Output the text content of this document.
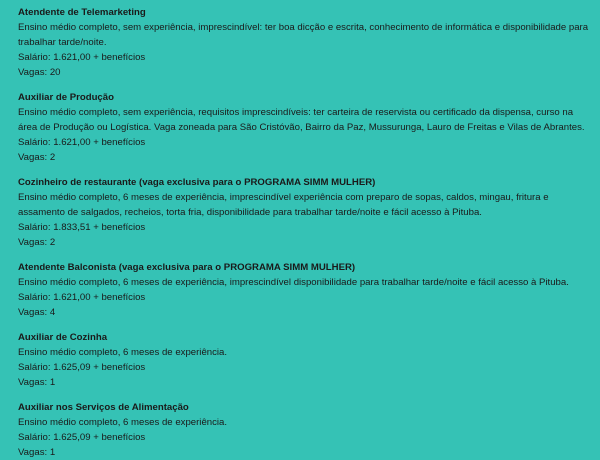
Atendente de Telemarketing

Ensino médio completo, sem experiência, imprescindível: ter boa dicção e escrita, conhecimento de informática e disponibilidade para trabalhar tarde/noite.

Salário: 1.621,00 + benefícios

Vagas: 20

Auxiliar de Produção

Ensino médio completo, sem experiência, requisitos imprescindíveis: ter carteira de reservista ou certificado da dispensa, curso na área de Produção ou Logística. Vaga zoneada para São Cristóvão, Bairro da Paz, Mussurunga, Lauro de Freitas e Vilas de Abrantes.

Salário: 1.621,00 + benefícios

Vagas: 2

Cozinheiro de restaurante (vaga exclusiva para o PROGRAMA SIMM MULHER)

Ensino médio completo, 6 meses de experiência, imprescindível experiência com preparo de sopas, caldos, mingau, fritura e assamento de salgados, recheios, torta fria, disponibilidade para trabalhar tarde/noite e fácil acesso à Pituba.

Salário: 1.833,51 + benefícios

Vagas: 2

Atendente Balconista (vaga exclusiva para o PROGRAMA SIMM MULHER)

Ensino médio completo, 6 meses de experiência, imprescindível disponibilidade para trabalhar tarde/noite e fácil acesso à Pituba.

Salário: 1.621,00 + benefícios

Vagas: 4

Auxiliar de Cozinha

Ensino médio completo, 6 meses de experiência.

Salário: 1.625,09 + benefícios

Vagas: 1

Auxiliar nos Serviços de Alimentação

Ensino médio completo, 6 meses de experiência.

Salário: 1.625,09 + benefícios

Vagas: 1
